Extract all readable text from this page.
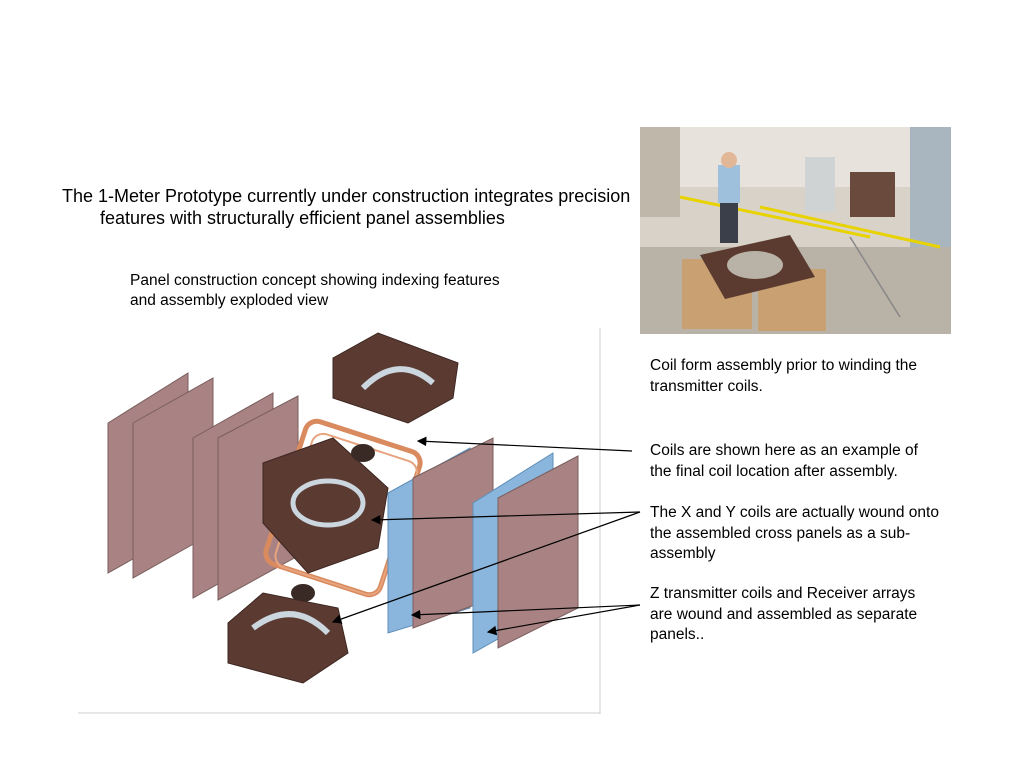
The 1-Meter Prototype currently under construction integrates precision
features with structurally efficient panel assemblies
Panel construction concept showing indexing features
and assembly exploded view
Coil form assembly prior to winding the
transmitter coils.
Coils are shown here as an example of
the final coil location after assembly.
The X and Y coils are actually wound onto
the assembled cross panels as a sub-
assembly
Z transmitter coils and Receiver arrays
are wound and assembled as separate
panels..
